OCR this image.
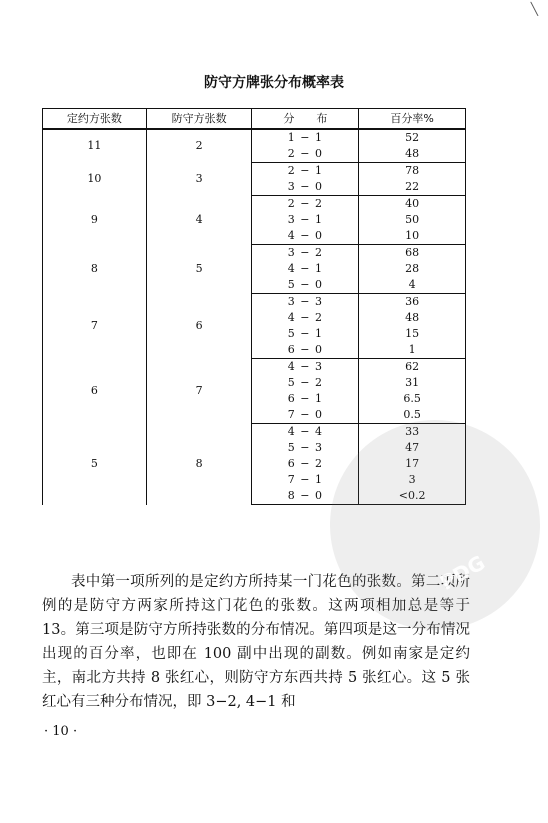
防守方牌张分布概率表
定约方张数	防守方张数	分　　布	百分率%
11	2	1 − 1	52
		2 − 0	48
10	3	2 − 1	78
		3 − 0	22
9	4	2 − 2	40
		3 − 1	50
		4 − 0	10
8	5	3 − 2	68
		4 − 1	28
		5 − 0	4
7	6	3 − 3	36
		4 − 2	48
		5 − 1	15
		6 − 0	1
6	7	4 − 3	62
		5 − 2	31
		6 − 1	6.5
		7 − 0	0.5
5	8	4 − 4	33
		5 − 3	47
		6 − 2	17
		7 − 1	3
		8 − 0	<0.2
表中第一项所列的是定约方所持某一门花色的张数。第二项所例的是防守方两家所持这门花色的张数。这两项相加总是等于 13。第三项是防守方所持张数的分布情况。第四项是这一分布情况出现的百分率，也即在 100 副中出现的副数。例如南家是定约主，南北方共持 8 张红心，则防守方东西共持 5 张红心。这 5 张红心有三种分布情况，即 3−2, 4−1 和
· 10 ·
PDG
╲
